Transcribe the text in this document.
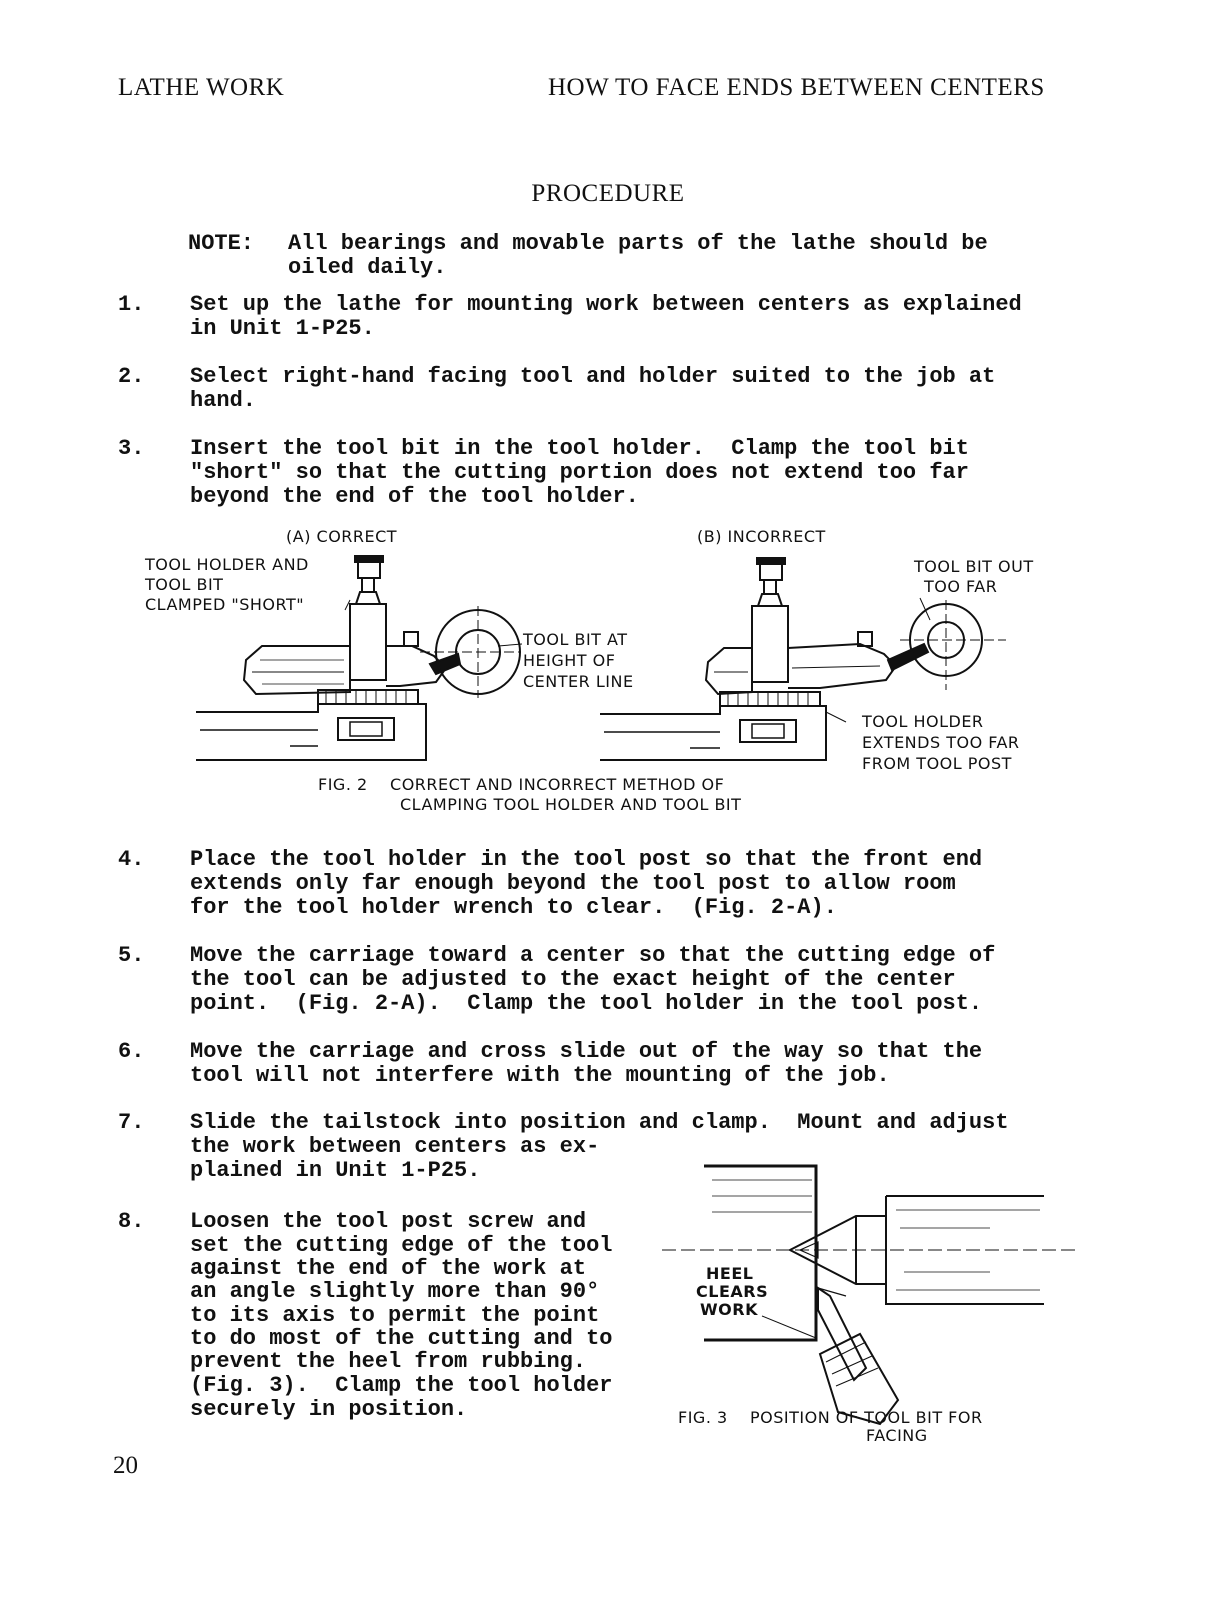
LATHE WORK	HOW TO FACE ENDS BETWEEN CENTERS
PROCEDURE
NOTE: All bearings and movable parts of the lathe should be
oiled daily.
1. Set up the lathe for mounting work between centers as explained
in Unit 1-P25.
2. Select right-hand facing tool and holder suited to the job at
hand.
3. Insert the tool bit in the tool holder.  Clamp the tool bit
"short" so that the cutting portion does not extend too far
beyond the end of the tool holder.
(A) CORRECT	(B) INCORRECT
TOOL HOLDER AND
TOOL BIT
CLAMPED "SHORT"
TOOL BIT AT
HEIGHT OF
CENTER LINE
TOOL BIT OUT
TOO FAR
TOOL HOLDER
EXTENDS TOO FAR
FROM TOOL POST
FIG. 2    CORRECT AND INCORRECT METHOD OF
CLAMPING TOOL HOLDER AND TOOL BIT
4. Place the tool holder in the tool post so that the front end
extends only far enough beyond the tool post to allow room
for the tool holder wrench to clear.  (Fig. 2-A).
5. Move the carriage toward a center so that the cutting edge of
the tool can be adjusted to the exact height of the center
point.  (Fig. 2-A).  Clamp the tool holder in the tool post.
6. Move the carriage and cross slide out of the way so that the
tool will not interfere with the mounting of the job.
7. Slide the tailstock into position and clamp.  Mount and adjust
the work between centers as ex-
plained in Unit 1-P25.
8. Loosen the tool post screw and
set the cutting edge of the tool
against the end of the work at
an angle slightly more than 90°
to its axis to permit the point
to do most of the cutting and to
prevent the heel from rubbing.
(Fig. 3).  Clamp the tool holder
securely in position.
HEEL
CLEARS
WORK
FIG. 3    POSITION OF TOOL BIT FOR
FACING
20
